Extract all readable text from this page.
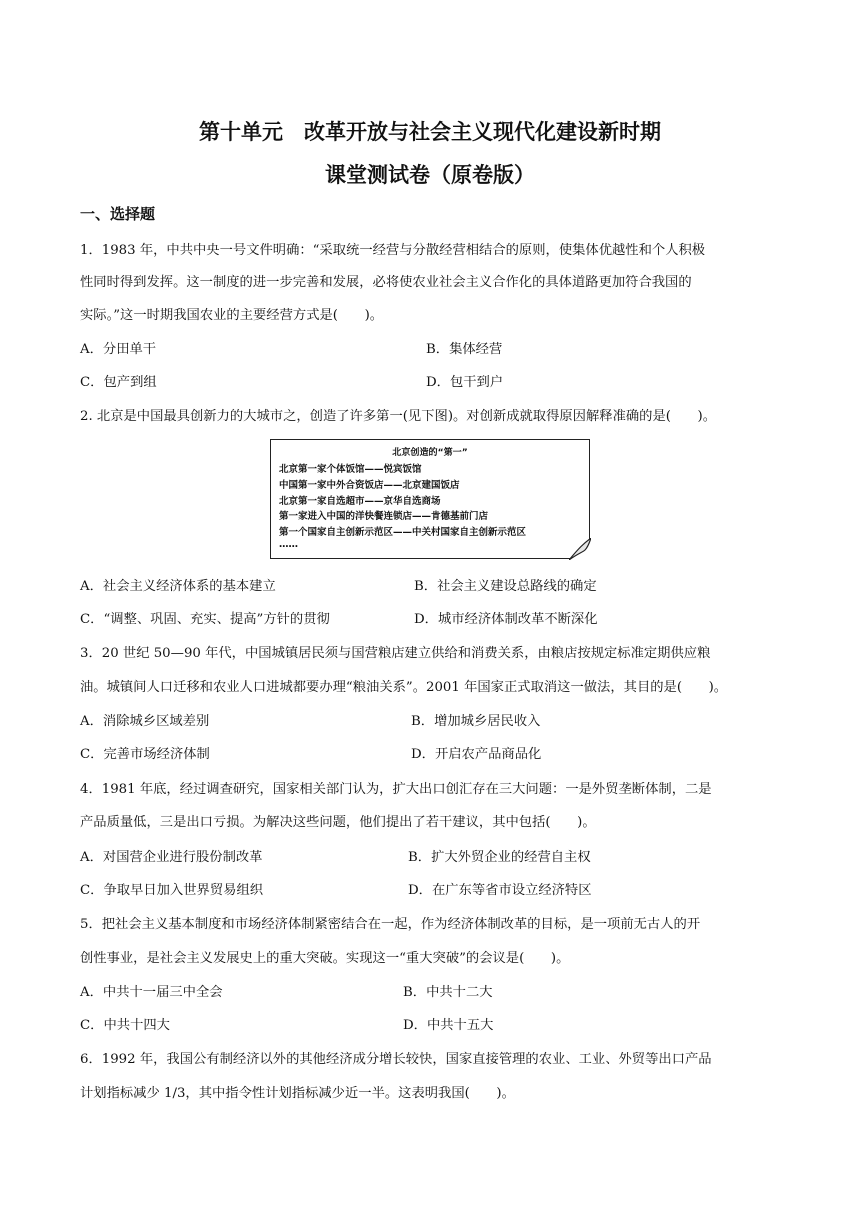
第十单元　改革开放与社会主义现代化建设新时期
课堂测试卷（原卷版）
一、选择题
1．1983 年，中共中央一号文件明确：“采取统一经营与分散经营相结合的原则，使集体优越性和个人积极
性同时得到发挥。这一制度的进一步完善和发展，必将使农业社会主义合作化的具体道路更加符合我国的
实际。”这一时期我国农业的主要经营方式是(　　)。
A．分田单干	B．集体经营
C．包产到组	D．包干到户
2. 北京是中国最具创新力的大城市之，创造了许多第一(见下图)。对创新成就取得原因解释准确的是(　　)。
北京创造的“第一”
北京第一家个体饭馆——悦宾饭馆
中国第一家中外合资饭店——北京建国饭店
北京第一家自选超市——京华自选商场
第一家进入中国的洋快餐连锁店——肯德基前门店
第一个国家自主创新示范区——中关村国家自主创新示范区
……
A．社会主义经济体系的基本建立	B．社会主义建设总路线的确定
C．“调整、巩固、充实、提高”方针的贯彻	D．城市经济体制改革不断深化
3．20 世纪 50—90 年代，中国城镇居民须与国营粮店建立供给和消费关系，由粮店按规定标准定期供应粮
油。城镇间人口迁移和农业人口进城都要办理“粮油关系”。2001 年国家正式取消这一做法，其目的是(　　)。
A．消除城乡区域差别	B．增加城乡居民收入
C．完善市场经济体制	D．开启农产品商品化
4．1981 年底，经过调查研究，国家相关部门认为，扩大出口创汇存在三大问题：一是外贸垄断体制，二是
产品质量低，三是出口亏损。为解决这些问题，他们提出了若干建议，其中包括(　　)。
A．对国营企业进行股份制改革	B．扩大外贸企业的经营自主权
C．争取早日加入世界贸易组织	D．在广东等省市设立经济特区
5．把社会主义基本制度和市场经济体制紧密结合在一起，作为经济体制改革的目标，是一项前无古人的开
创性事业，是社会主义发展史上的重大突破。实现这一“重大突破”的会议是(　　)。
A．中共十一届三中全会	B．中共十二大
C．中共十四大	D．中共十五大
6．1992 年，我国公有制经济以外的其他经济成分增长较快，国家直接管理的农业、工业、外贸等出口产品
计划指标减少 1/3，其中指令性计划指标减少近一半。这表明我国(　　)。
